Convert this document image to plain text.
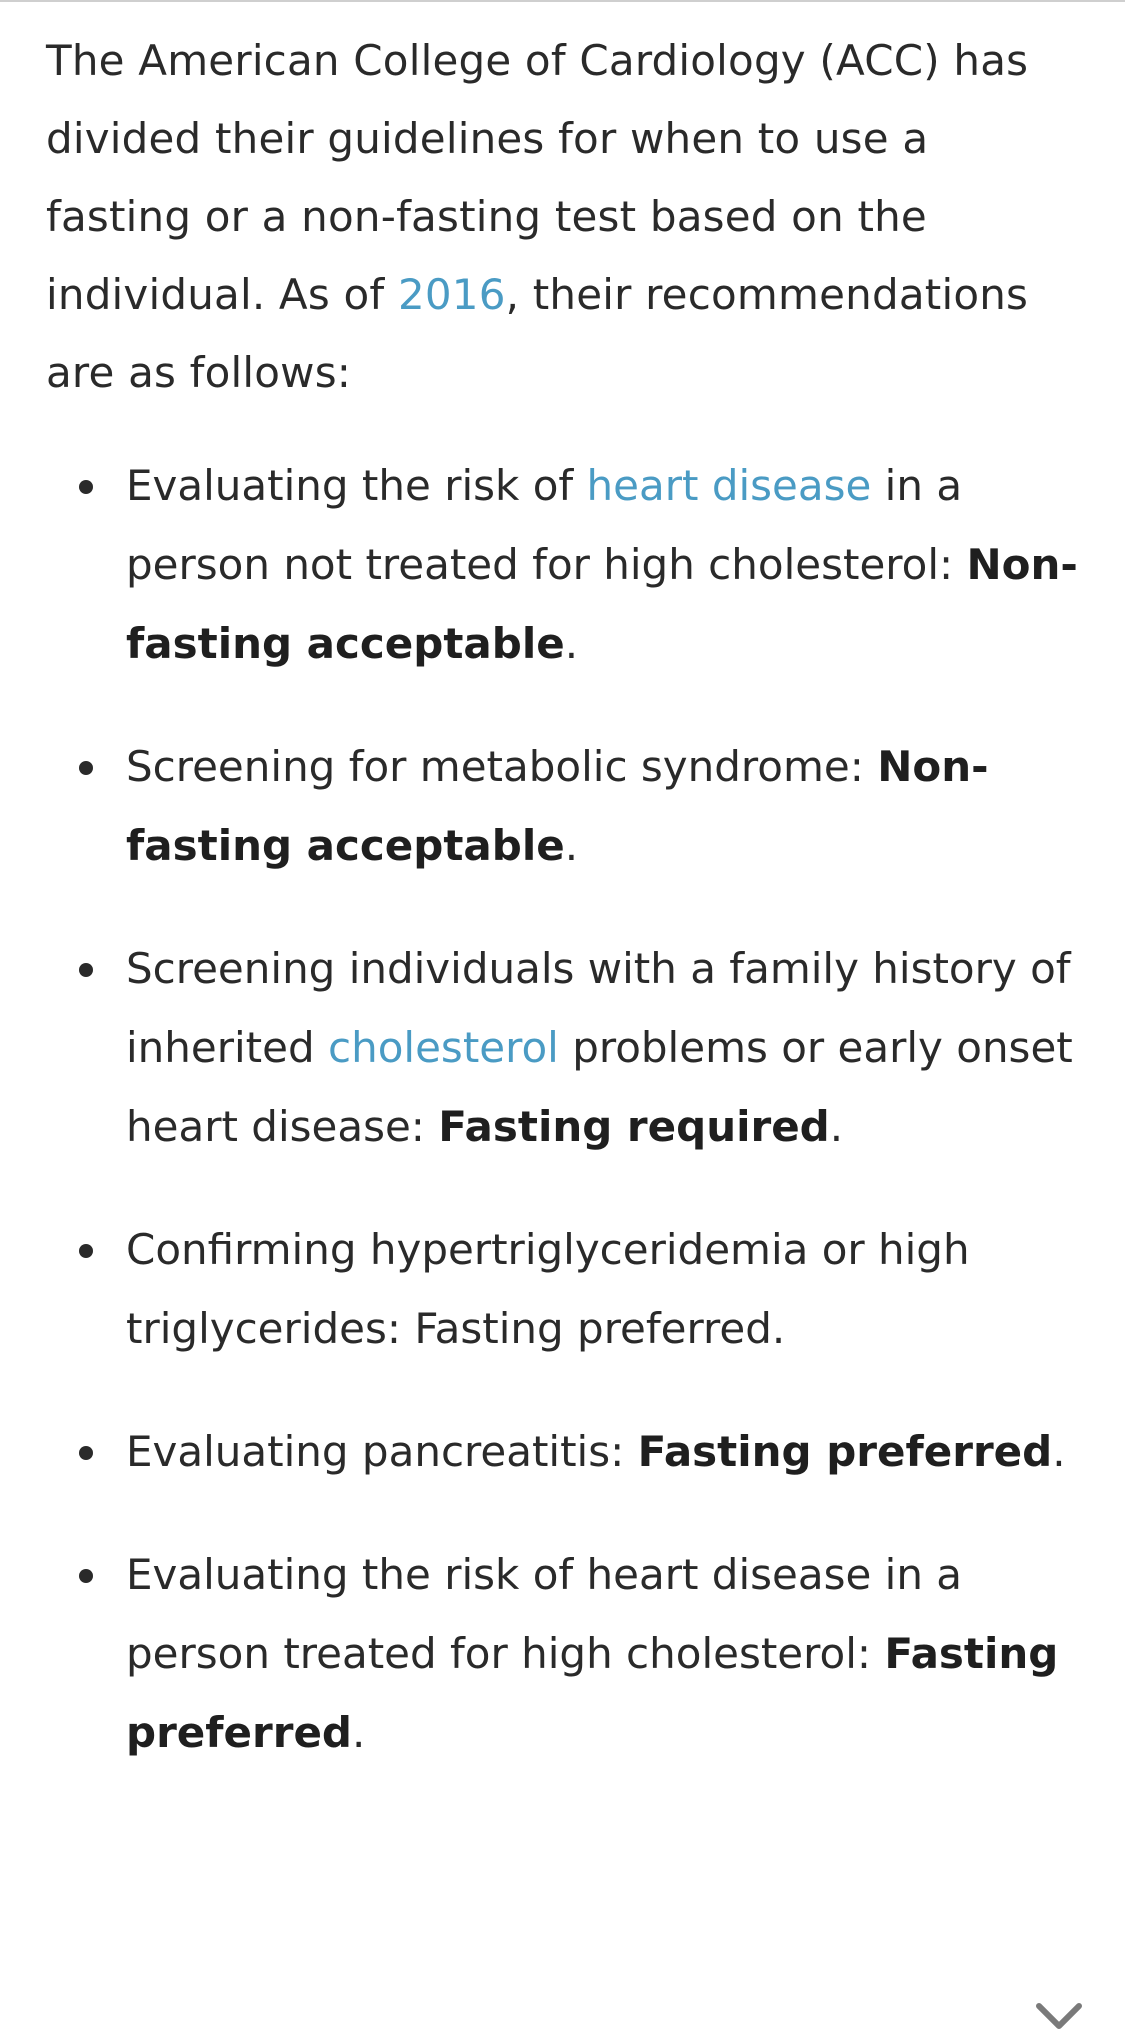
The American College of Cardiology (ACC) has divided their guidelines for when to use a fasting or a non-fasting test based on the individual. As of 2016, their recommendations are as follows:

Evaluating the risk of heart disease in a person not treated for high cholesterol: Non-fasting acceptable.
Screening for metabolic syndrome: Non-fasting acceptable.
Screening individuals with a family history of inherited cholesterol problems or early onset heart disease: Fasting required.
Confirming hypertriglyceridemia or high triglycerides: Fasting preferred.
Evaluating pancreatitis: Fasting preferred.
Evaluating the risk of heart disease in a person treated for high cholesterol: Fasting preferred.
